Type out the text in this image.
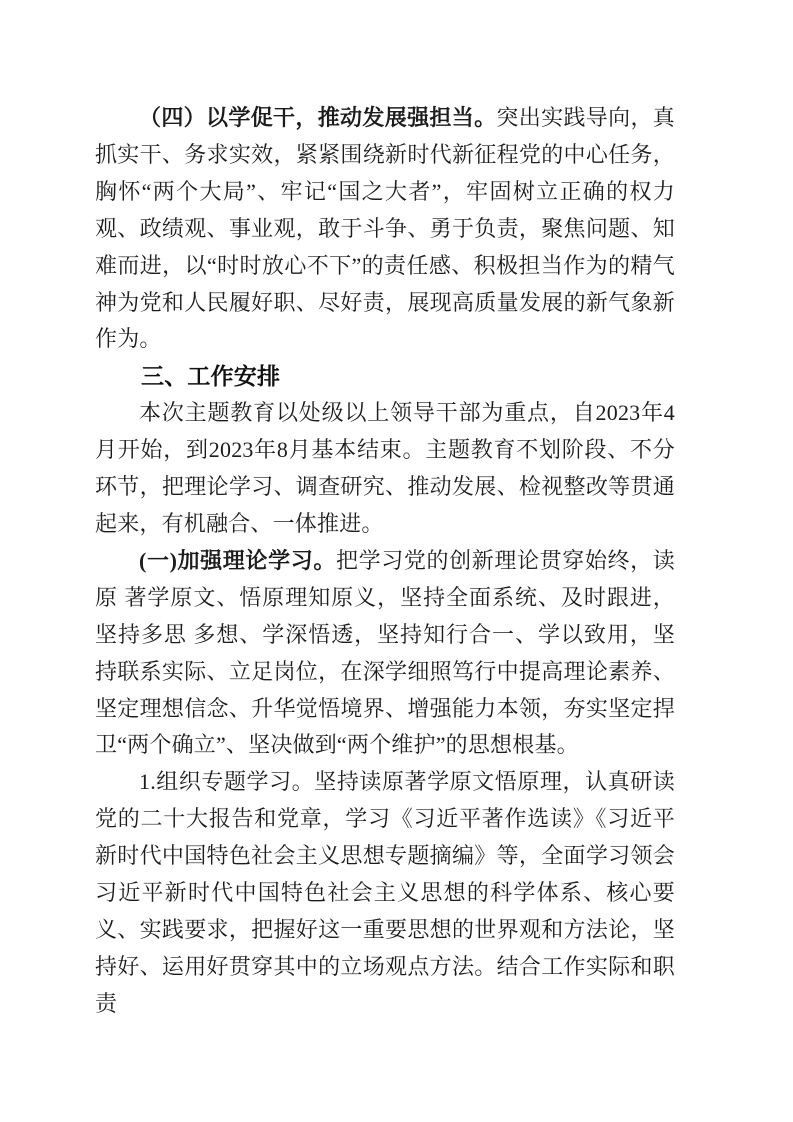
（四）以学促干，推动发展强担当。突出实践导向，真抓实干、务求实效，紧紧围绕新时代新征程党的中心任务，胸怀“两个大局”、牢记“国之大者”，牢固树立正确的权力观、政绩观、事业观，敢于斗争、勇于负责，聚焦问题、知难而进，以“时时放心不下”的责任感、积极担当作为的精气神为党和人民履好职、尽好责，展现高质量发展的新气象新作为。

三、工作安排

本次主题教育以处级以上领导干部为重点，自2023年4月开始，到2023年8月基本结束。主题教育不划阶段、不分环节，把理论学习、调查研究、推动发展、检视整改等贯通起来，有机融合、一体推进。

(一)加强理论学习。把学习党的创新理论贯穿始终，读原 著学原文、悟原理知原义，坚持全面系统、及时跟进，坚持多思 多想、学深悟透，坚持知行合一、学以致用，坚持联系实际、立足岗位，在深学细照笃行中提高理论素养、坚定理想信念、升华觉悟境界、增强能力本领，夯实坚定捍卫“两个确立”、坚决做到“两个维护”的思想根基。

1.组织专题学习。坚持读原著学原文悟原理，认真研读党的二十大报告和党章，学习《习近平著作选读》《习近平新时代中国特色社会主义思想专题摘编》等，全面学习领会习近平新时代中国特色社会主义思想的科学体系、核心要义、实践要求，把握好这一重要思想的世界观和方法论，坚持好、运用好贯穿其中的立场观点方法。结合工作实际和职责
